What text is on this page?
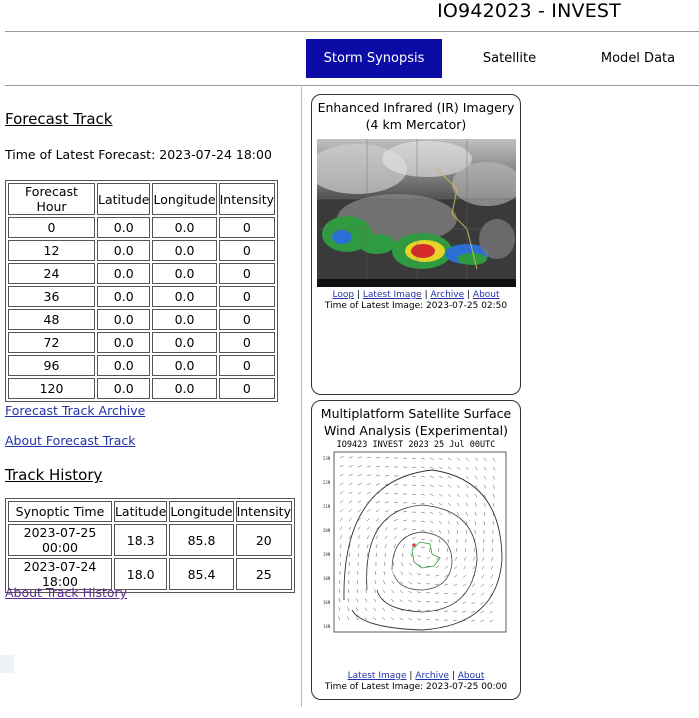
IO942023 - INVEST
Storm Synopsis	Satellite	Model Data
Forecast Track
Time of Latest Forecast: 2023-07-24 18:00
Forecast Hour	Latitude	Longitude	Intensity
0	0.0	0.0	0
12	0.0	0.0	0
24	0.0	0.0	0
36	0.0	0.0	0
48	0.0	0.0	0
72	0.0	0.0	0
96	0.0	0.0	0
120	0.0	0.0	0
Forecast Track Archive
About Forecast Track
Track History
Synoptic Time	Latitude	Longitude	Intensity
2023-07-25 00:00	18.3	85.8	20
2023-07-24 18:00	18.0	85.4	25
About Track History
Enhanced Infrared (IR) Imagery (4 km Mercator)
Loop | Latest Image | Archive | About
Time of Latest Image: 2023-07-25 02:50
Multiplatform Satellite Surface Wind Analysis (Experimental)
IO9423 INVEST 2023 25 Jul 00UTC
23N
22N
21N
20N
19N
18N
16N
14N

Latest Image | Archive | About
Time of Latest Image: 2023-07-25 00:00
